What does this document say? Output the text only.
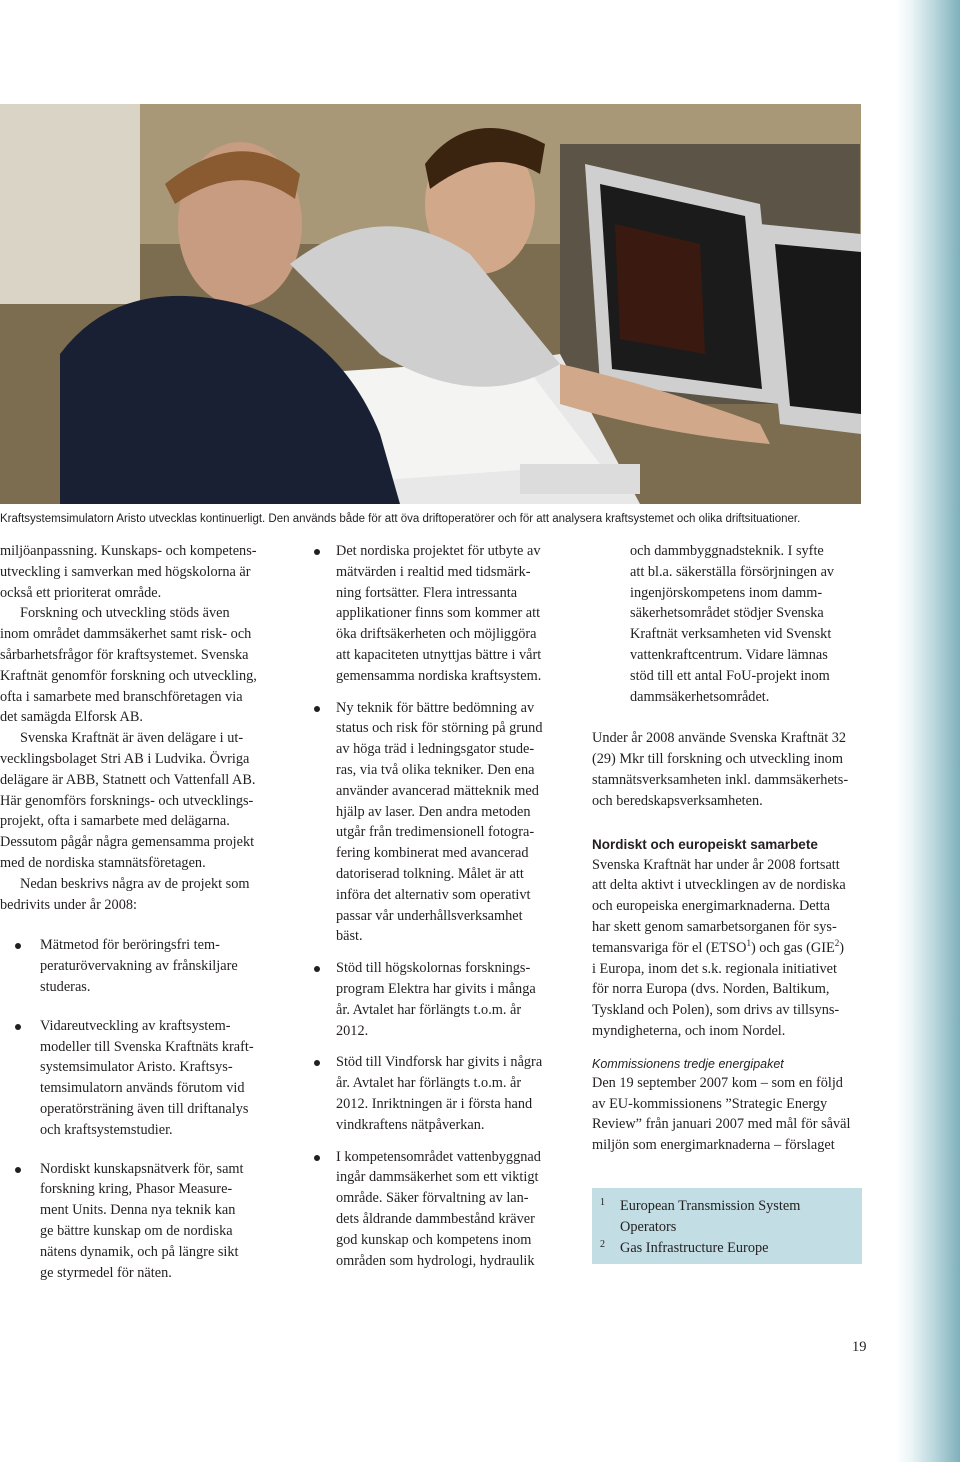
Kraftsystemsimulatorn Aristo utvecklas kontinuerligt. Den används både för att öva driftoperatörer och för att analysera kraftsystemet och olika driftsituationer.

miljöanpassning. Kunskaps- och kompetens-
utveckling i samverkan med högskolorna är
också ett prioriterat område.

Forskning och utveckling stöds även
inom området dammsäkerhet samt risk- och
sårbarhetsfrågor för kraftsystemet. Svenska
Kraftnät genomför forskning och utveckling,
ofta i samarbete med branschföretagen via
det samägda Elforsk AB.

Svenska Kraftnät är även delägare i ut-
vecklingsbolaget Stri AB i Ludvika. Övriga
delägare är ABB, Statnett och Vattenfall AB.
Här genomförs forsknings- och utvecklings-
projekt, ofta i samarbete med delägarna.
Dessutom pågår några gemensamma projekt
med de nordiska stamnätsföretagen.

Nedan beskrivs några av de projekt som
bedrivits under år 2008:

Mätmetod för beröringsfri tem-
peraturövervakning av frånskiljare
studeras.
Vidareutveckling av kraftsystem-
modeller till Svenska Kraftnäts kraft-
systemsimulator Aristo. Kraftsys-
temsimulatorn används förutom vid
operatörsträning även till driftanalys
och kraftsystemstudier.
Nordiskt kunskapsnätverk för, samt
forskning kring, Phasor Measure-
ment Units. Denna nya teknik kan
ge bättre kunskap om de nordiska
nätens dynamik, och på längre sikt
ge styrmedel för näten.
Det nordiska projektet för utbyte av
mätvärden i realtid med tidsmärk-
ning fortsätter. Flera intressanta
applikationer finns som kommer att
öka driftsäkerheten och möjliggöra
att kapaciteten utnyttjas bättre i vårt
gemensamma nordiska kraftsystem.
Ny teknik för bättre bedömning av
status och risk för störning på grund
av höga träd i ledningsgator stude-
ras, via två olika tekniker. Den ena
använder avancerad mätteknik med
hjälp av laser. Den andra metoden
utgår från tredimensionell fotogra-
fering kombinerat med avancerad
datoriserad tolkning. Målet är att
införa det alternativ som operativt
passar vår underhållsverksamhet
bäst.
Stöd till högskolornas forsknings-
program Elektra har givits i många
år. Avtalet har förlängts t.o.m. år
2012.
Stöd till Vindforsk har givits i några
år. Avtalet har förlängts t.o.m. år
2012. Inriktningen är i första hand
vindkraftens nätpåverkan.
I kompetensområdet vattenbyggnad
ingår dammsäkerhet som ett viktigt
område. Säker förvaltning av lan-
dets åldrande dammbestånd kräver
god kunskap och kompetens inom
områden som hydrologi, hydraulik

och dammbyggnadsteknik. I syfte
att bl.a. säkerställa försörjningen av
ingenjörskompetens inom damm-
säkerhetsområdet stödjer Svenska
Kraftnät verksamheten vid Svenskt
vattenkraftcentrum. Vidare lämnas
stöd till ett antal FoU-projekt inom
dammsäkerhetsområdet.

Under år 2008 använde Svenska Kraftnät 32
(29) Mkr till forskning och utveckling inom
stamnätsverksamheten inkl. dammsäkerhets-
och beredskapsverksamheten.

Nordiskt och europeiskt samarbete

Svenska Kraftnät har under år 2008 fortsatt
att delta aktivt i utvecklingen av de nordiska
och europeiska energimarknaderna. Detta
har skett genom samarbetsorganen för sys-
temansvariga för el (ETSO$^1$) och gas (GIE$^2$)
i Europa, inom det s.k. regionala initiativet
för norra Europa (dvs. Norden, Baltikum,
Tyskland och Polen), som drivs av tillsyns-
myndigheterna, och inom Nordel.

Kommissionens tredje energipaket

Den 19 september 2007 kom – som en följd
av EU-kommissionens ”Strategic Energy
Review” från januari 2007 med mål för såväl
miljön som energimarknaderna – förslaget

1 European Transmission System
Operators
2 Gas Infrastructure Europe
19
